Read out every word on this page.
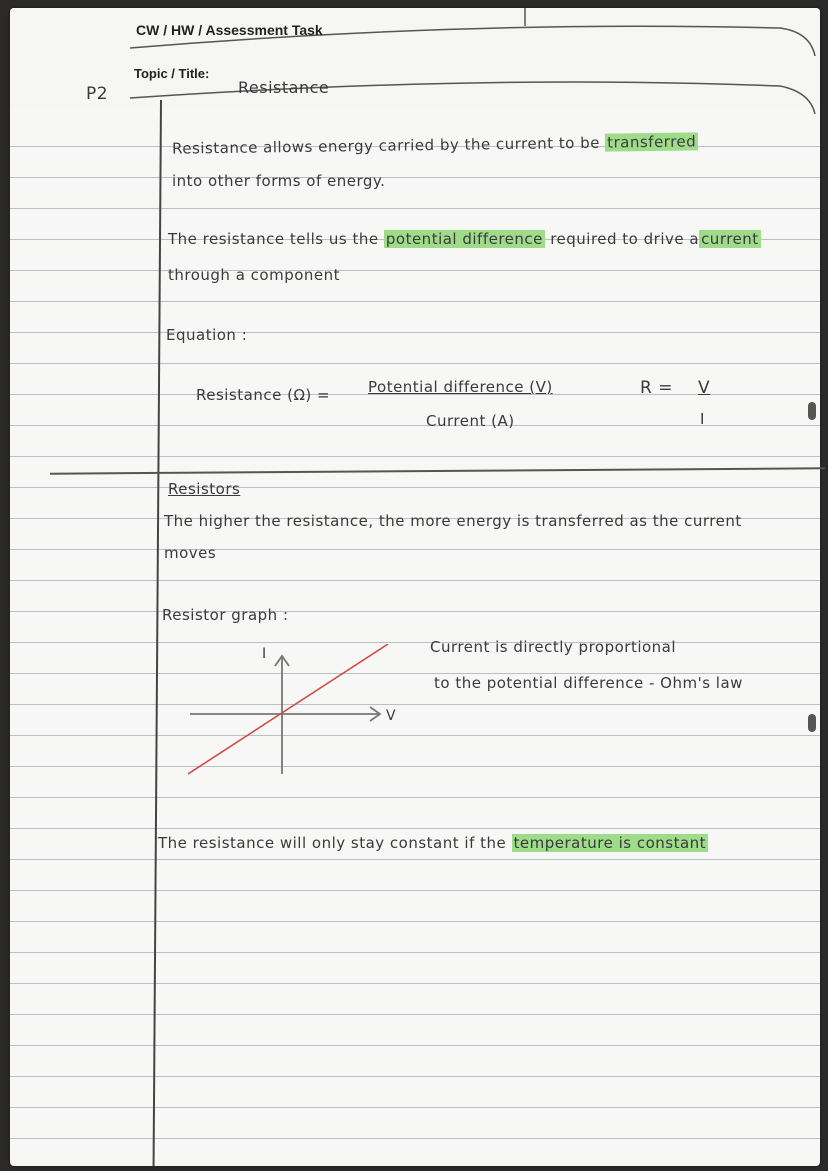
CW / HW / Assessment Task
Topic / Title:
Resistance
P2
Resistance allows energy carried by the current to be transferred
into other forms of energy.
The resistance tells us the potential difference required to drive a current
through a component
Equation :
Resistance (Ω) =	Potential difference (V)
Current (A)
R = V
I
Resistors
The higher the resistance, the more energy is transferred as the current
moves
Resistor graph :
I
V
Current is directly proportional
to the potential difference - Ohm's law
The resistance will only stay constant if the temperature is constant
